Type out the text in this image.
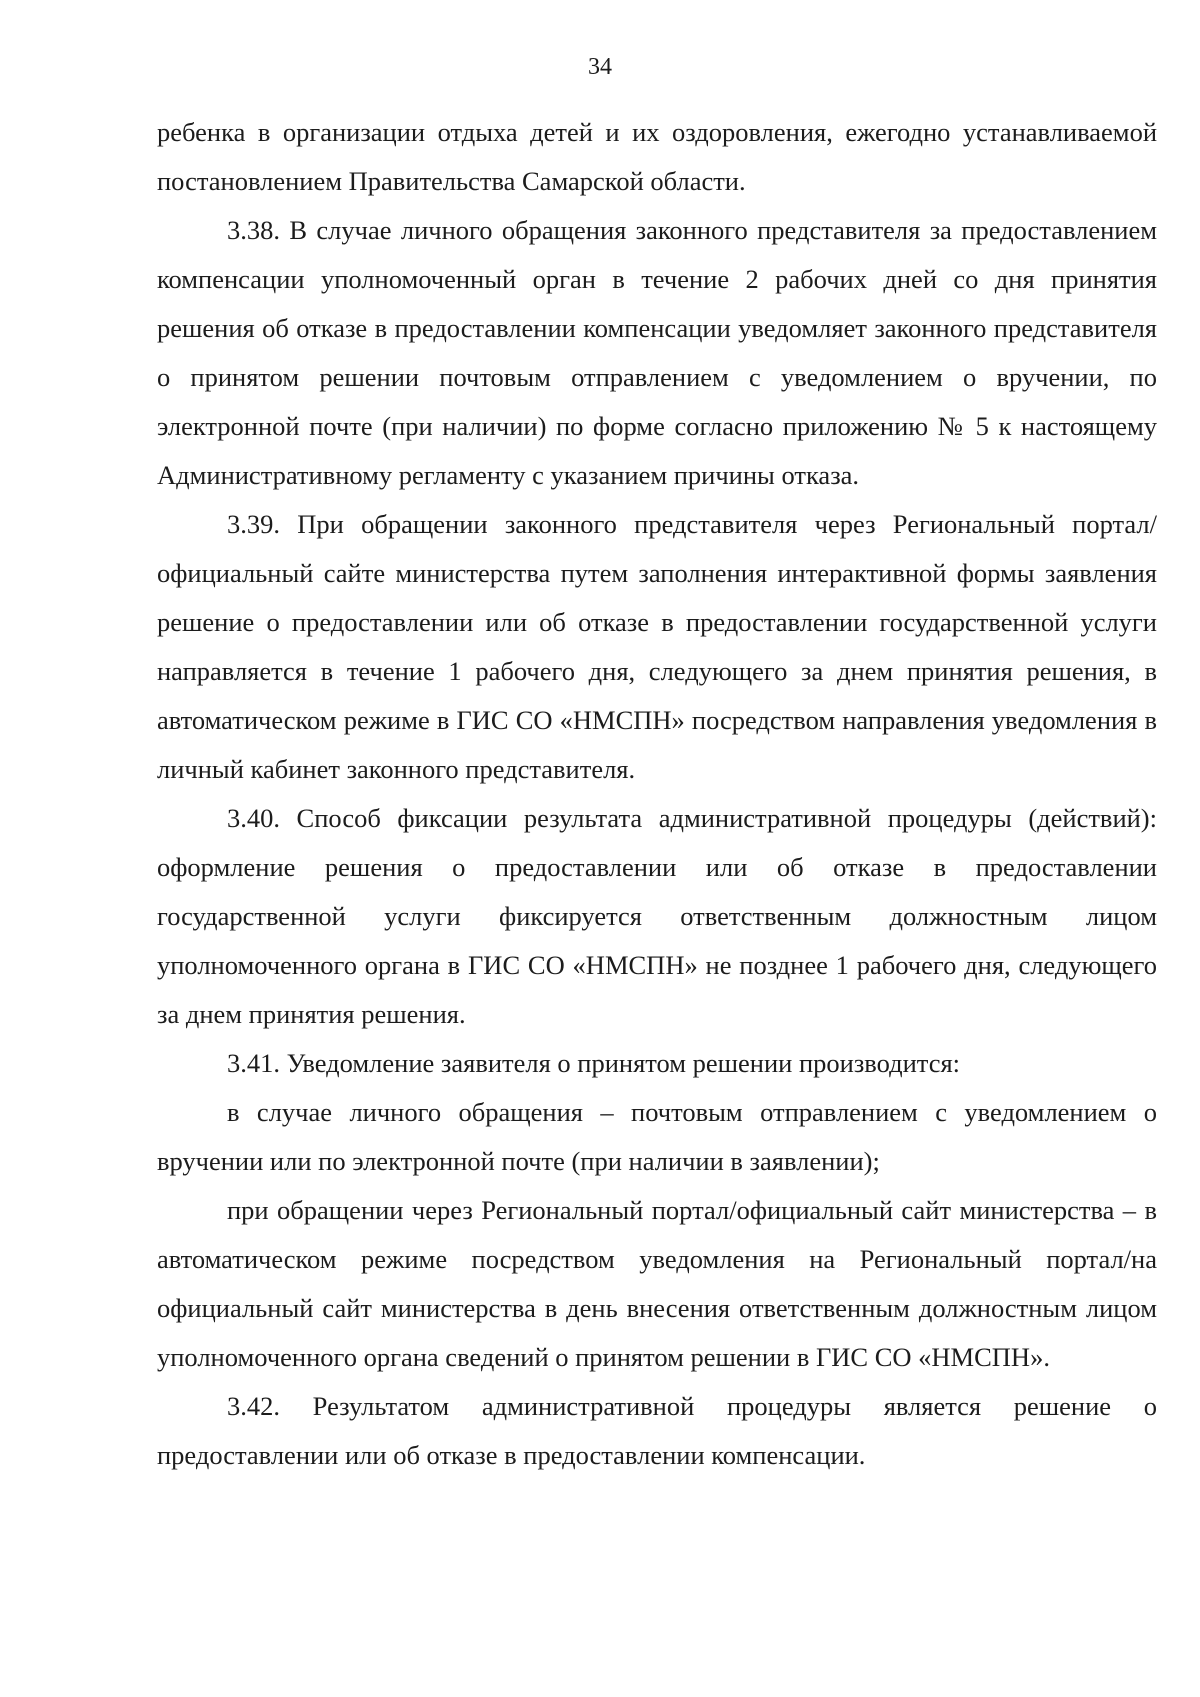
34

ребенка в организации отдыха детей и их оздоровления, ежегодно устанавливаемой постановлением Правительства Самарской области.

3.38. В случае личного обращения законного представителя за предоставлением компенсации уполномоченный орган в течение 2 рабочих дней со дня принятия решения об отказе в предоставлении компенсации уведомляет законного представителя о принятом решении почтовым отправлением с уведомлением о вручении, по электронной почте (при наличии) по форме согласно приложению № 5 к настоящему Административному регламенту с указанием причины отказа.

3.39. При обращении законного представителя через Региональный портал/официальный сайте министерства путем заполнения интерактивной формы заявления решение о предоставлении или об отказе в предоставлении государственной услуги направляется в течение 1 рабочего дня, следующего за днем принятия решения, в автоматическом режиме в ГИС СО «НМСПН» посредством направления уведомления в личный кабинет законного представителя.

3.40. Способ фиксации результата административной процедуры (действий): оформление решения о предоставлении или об отказе в предоставлении государственной услуги фиксируется ответственным должностным лицом уполномоченного органа в ГИС СО «НМСПН» не позднее 1 рабочего дня, следующего за днем принятия решения.

3.41. Уведомление заявителя о принятом решении производится:

в случае личного обращения – почтовым отправлением с уведомлением о вручении или по электронной почте (при наличии в заявлении);

при обращении через Региональный портал/официальный сайт министерства – в автоматическом режиме посредством уведомления на Региональный портал/на официальный сайт министерства в день внесения ответственным должностным лицом уполномоченного органа сведений о принятом решении в ГИС СО «НМСПН».

3.42. Результатом административной процедуры является решение о предоставлении или об отказе в предоставлении компенсации.
